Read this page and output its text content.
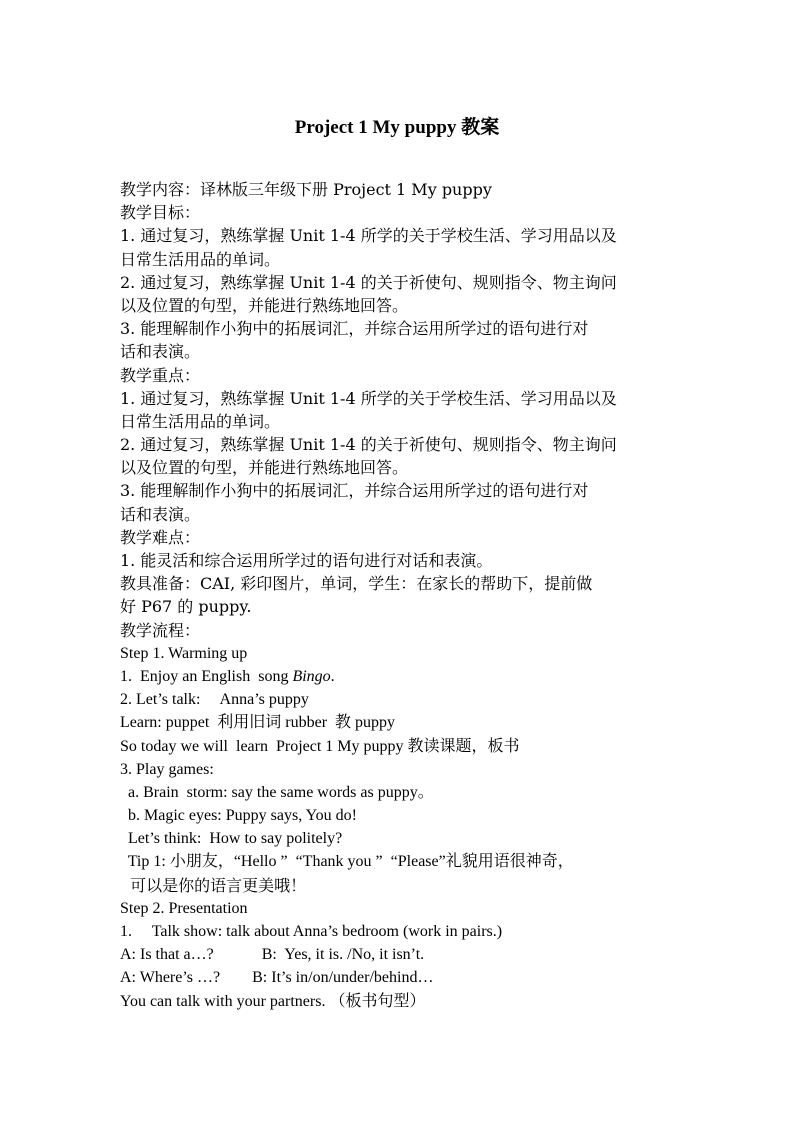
Project 1 My puppy 教案
教学内容：译林版三年级下册 Project 1 My puppy
教学目标：
1. 通过复习，熟练掌握 Unit 1-4 所学的关于学校生活、学习用品以及
日常生活用品的单词。
2. 通过复习，熟练掌握 Unit 1-4 的关于祈使句、规则指令、物主询问
以及位置的句型，并能进行熟练地回答。
3. 能理解制作小狗中的拓展词汇，并综合运用所学过的语句进行对
话和表演。
教学重点：
1. 通过复习，熟练掌握 Unit 1-4 所学的关于学校生活、学习用品以及
日常生活用品的单词。
2. 通过复习，熟练掌握 Unit 1-4 的关于祈使句、规则指令、物主询问
以及位置的句型，并能进行熟练地回答。
3. 能理解制作小狗中的拓展词汇，并综合运用所学过的语句进行对
话和表演。
教学难点：
1. 能灵活和综合运用所学过的语句进行对话和表演。
教具准备：CAI, 彩印图片，单词，学生：在家长的帮助下，提前做
好 P67 的 puppy.
教学流程：
Step 1. Warming up
1.  Enjoy an English  song Bingo.
2. Let’s talk:     Anna’s puppy
Learn: puppet  利用旧词 rubber  教 puppy
So today we will  learn  Project 1 My puppy 教读课题，板书
3. Play games:
a. Brain  storm: say the same words as puppy。
b. Magic eyes: Puppy says, You do!
Let’s think:  How to say politely?
Tip 1: 小朋友，“Hello ”  “Thank you ”  “Please”礼貌用语很神奇，
可以是你的语言更美哦！
Step 2. Presentation
1.     Talk show: talk about Anna’s bedroom (work in pairs.)
A: Is that a…?            B:  Yes, it is. /No, it isn’t.
A: Where’s …?        B: It’s in/on/under/behind…
You can talk with your partners. （板书句型）
